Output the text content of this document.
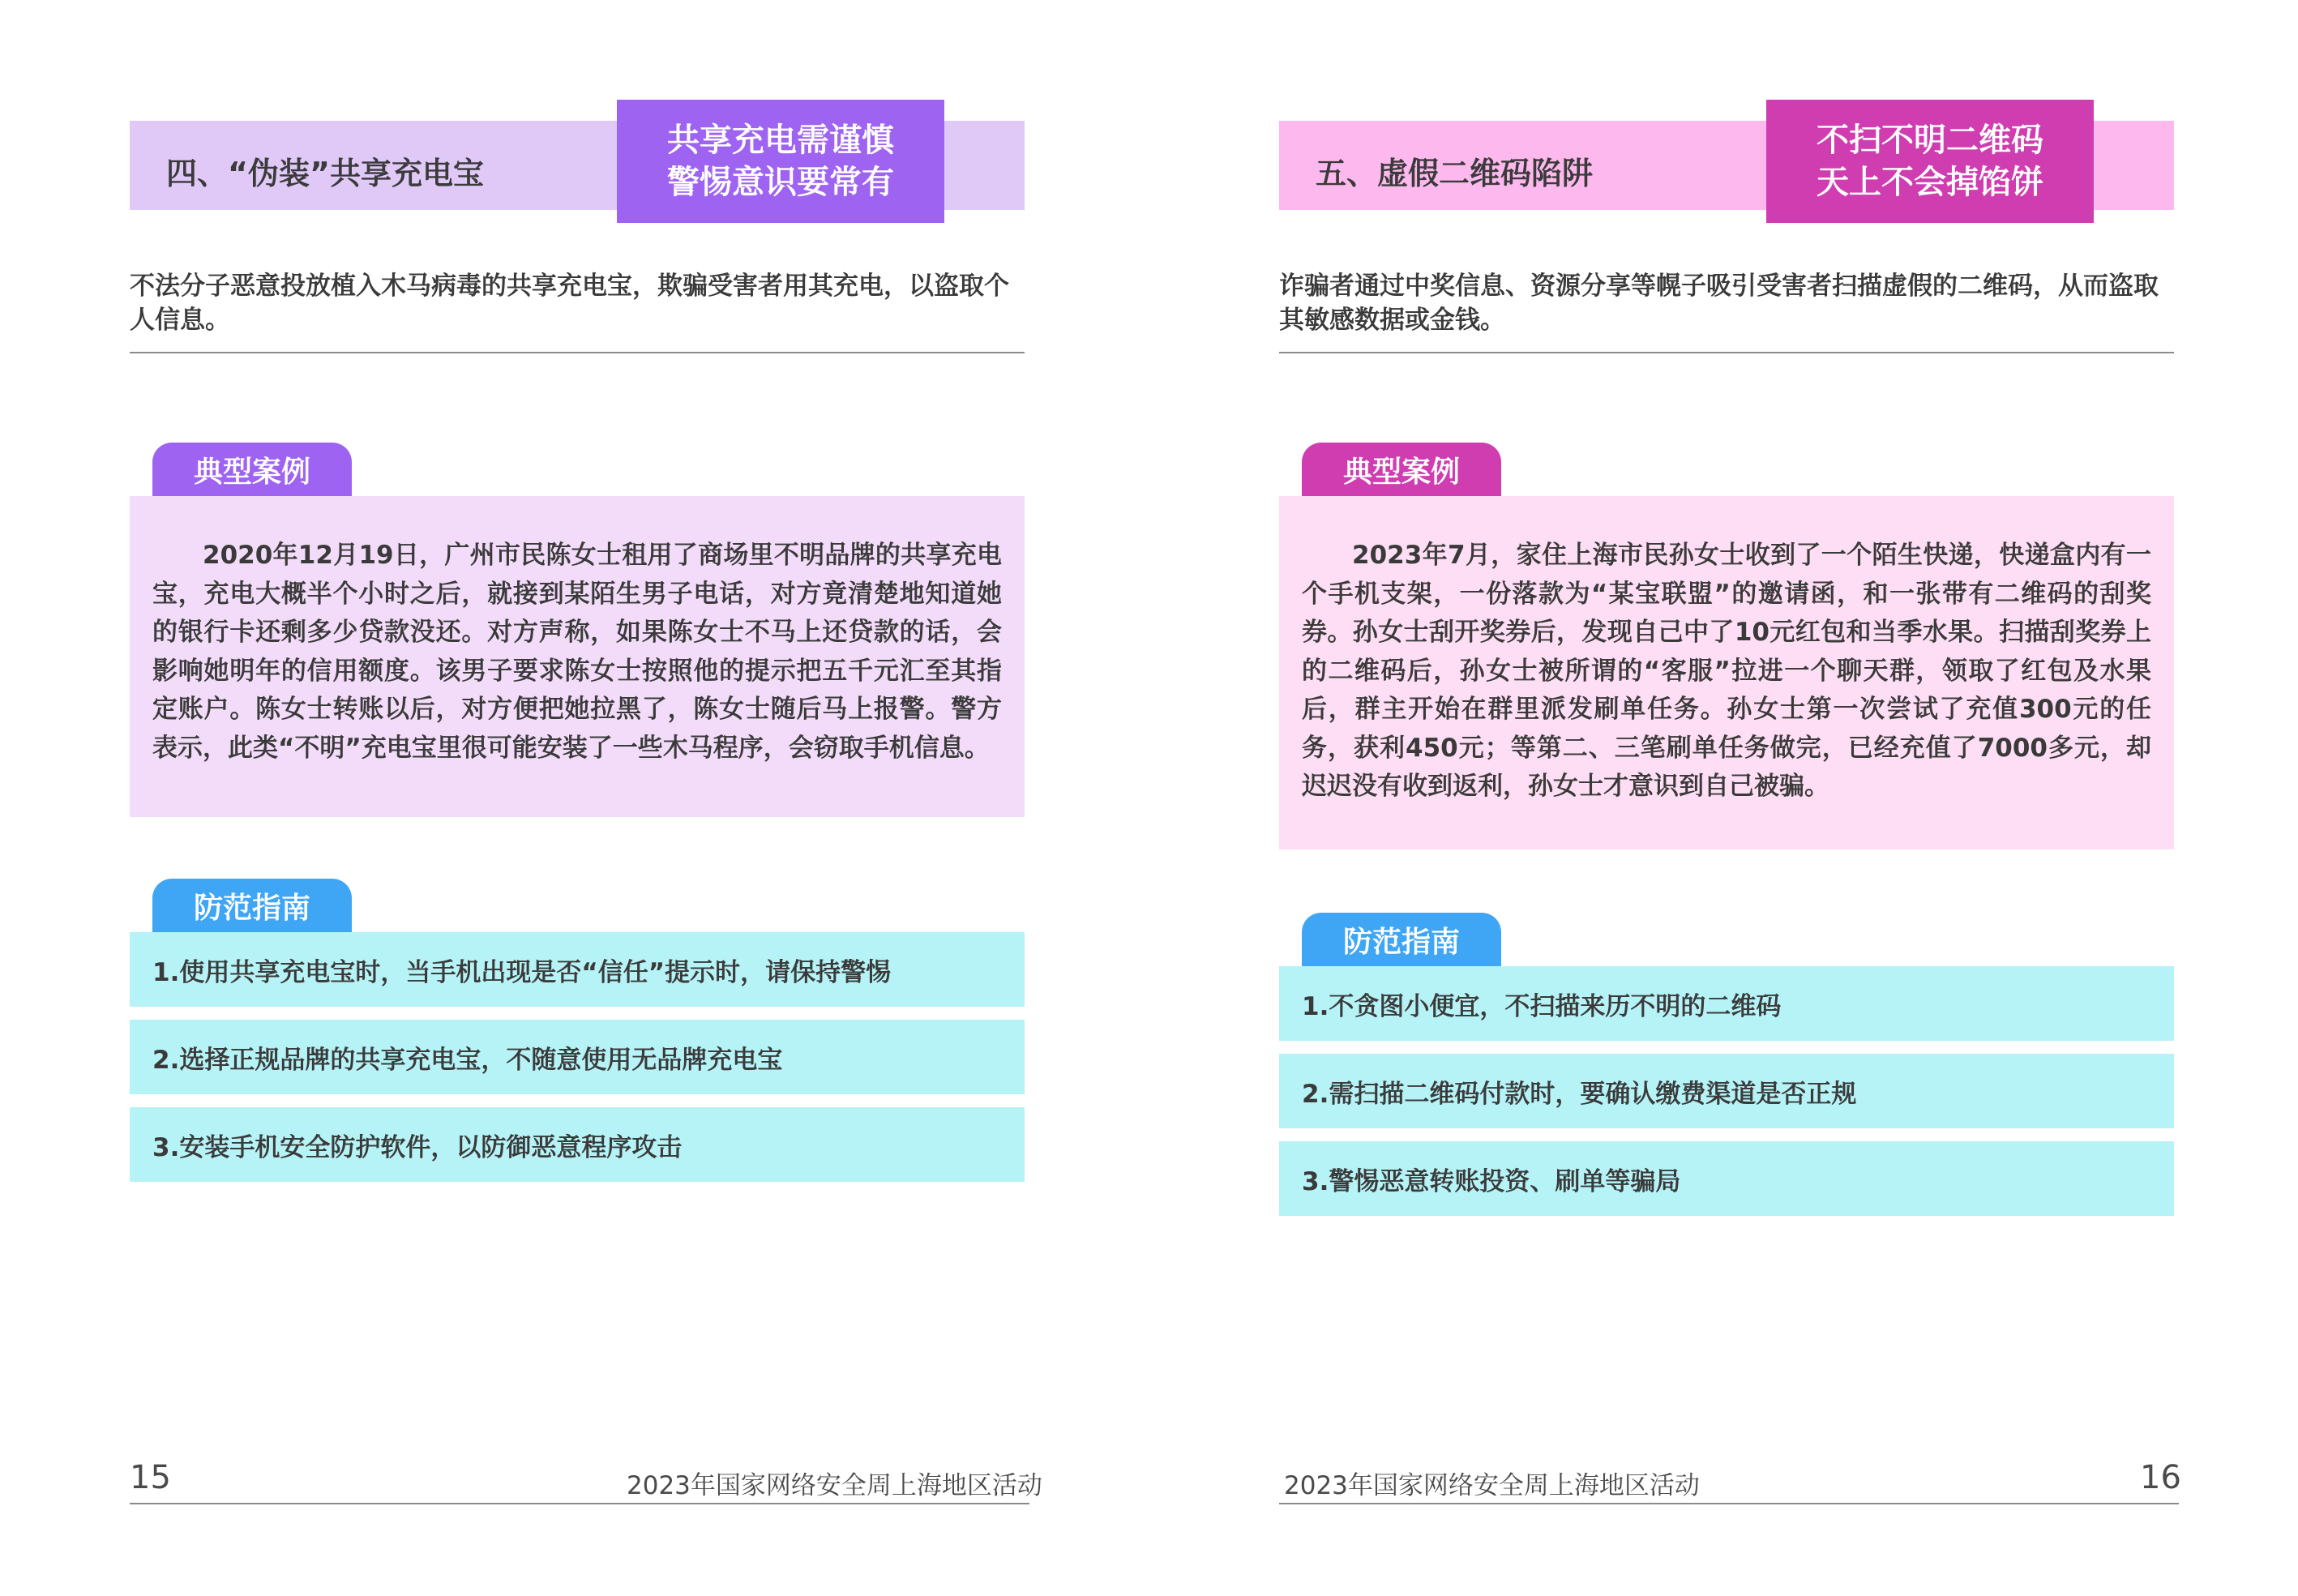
四、“伪装”共享充电宝
共享充电需谨慎
警惕意识要常有
不法分子恶意投放植入木马病毒的共享充电宝，欺骗受害者用其充电，以盗取个人信息。
典型案例
2020年12月19日，广州市民陈女士租用了商场里不明品牌的共享充电宝，充电大概半个小时之后，就接到某陌生男子电话，对方竟清楚地知道她的银行卡还剩多少贷款没还。对方声称，如果陈女士不马上还贷款的话，会影响她明年的信用额度。该男子要求陈女士按照他的提示把五千元汇至其指定账户。陈女士转账以后，对方便把她拉黑了，陈女士随后马上报警。警方表示，此类“不明”充电宝里很可能安装了一些木马程序，会窃取手机信息。
防范指南
1.使用共享充电宝时，当手机出现是否“信任”提示时，请保持警惕
2.选择正规品牌的共享充电宝，不随意使用无品牌充电宝
3.安装手机安全防护软件，以防御恶意程序攻击
15	2023年国家网络安全周上海地区活动
五、虚假二维码陷阱
不扫不明二维码
天上不会掉馅饼
诈骗者通过中奖信息、资源分享等幌子吸引受害者扫描虚假的二维码，从而盗取其敏感数据或金钱。
典型案例
2023年7月，家住上海市民孙女士收到了一个陌生快递，快递盒内有一个手机支架，一份落款为“某宝联盟”的邀请函，和一张带有二维码的刮奖券。孙女士刮开奖券后，发现自己中了10元红包和当季水果。扫描刮奖券上的二维码后，孙女士被所谓的“客服”拉进一个聊天群，领取了红包及水果后，群主开始在群里派发刷单任务。孙女士第一次尝试了充值300元的任务，获利450元；等第二、三笔刷单任务做完，已经充值了7000多元，却迟迟没有收到返利，孙女士才意识到自己被骗。
防范指南
1.不贪图小便宜，不扫描来历不明的二维码
2.需扫描二维码付款时，要确认缴费渠道是否正规
3.警惕恶意转账投资、刷单等骗局
2023年国家网络安全周上海地区活动	16
